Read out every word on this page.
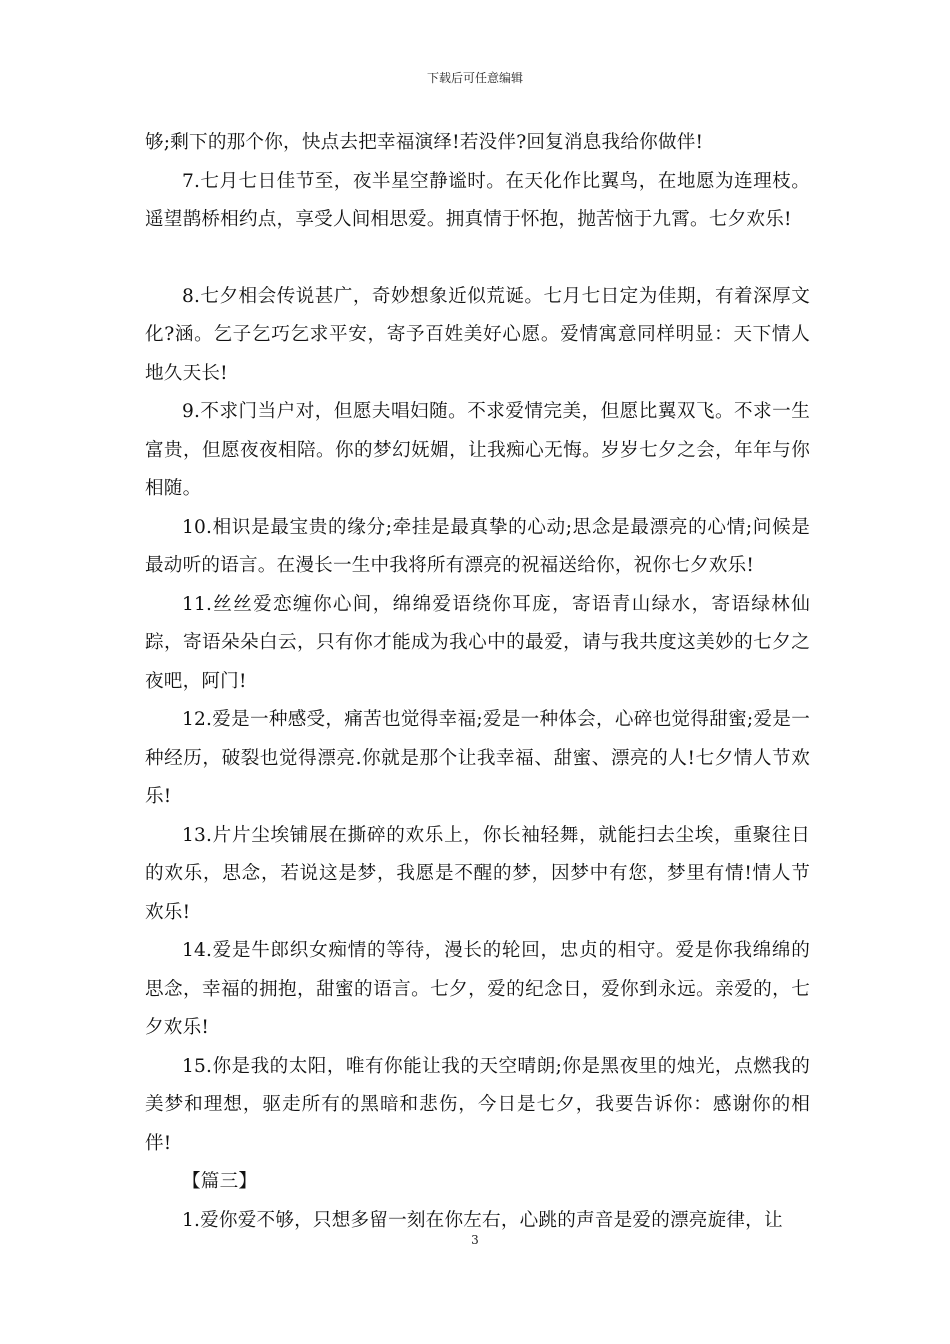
下载后可任意编辑

够;剩下的那个你，快点去把幸福演绎!若没伴?回复消息我给你做伴!

7.七月七日佳节至，夜半星空静谧时。在天化作比翼鸟，在地愿为连理枝。遥望鹊桥相约点，享受人间相思爱。拥真情于怀抱，抛苦恼于九霄。七夕欢乐!

8.七夕相会传说甚广，奇妙想象近似荒诞。七月七日定为佳期，有着深厚文化?涵。乞子乞巧乞求平安，寄予百姓美好心愿。爱情寓意同样明显：天下情人地久天长!

9.不求门当户对，但愿夫唱妇随。不求爱情完美，但愿比翼双飞。不求一生富贵，但愿夜夜相陪。你的梦幻妩媚，让我痴心无悔。岁岁七夕之会，年年与你相随。

10.相识是最宝贵的缘分;牵挂是最真挚的心动;思念是最漂亮的心情;问候是最动听的语言。在漫长一生中我将所有漂亮的祝福送给你，祝你七夕欢乐!

11.丝丝爱恋缠你心间，绵绵爱语绕你耳庞，寄语青山绿水，寄语绿林仙踪，寄语朵朵白云，只有你才能成为我心中的最爱，请与我共度这美妙的七夕之夜吧，阿门!

12.爱是一种感受，痛苦也觉得幸福;爱是一种体会，心碎也觉得甜蜜;爱是一种经历，破裂也觉得漂亮.你就是那个让我幸福、甜蜜、漂亮的人!七夕情人节欢乐!

13.片片尘埃铺展在撕碎的欢乐上，你长袖轻舞，就能扫去尘埃，重聚往日的欢乐，思念，若说这是梦，我愿是不醒的梦，因梦中有您，梦里有情!情人节欢乐!

14.爱是牛郎织女痴情的等待，漫长的轮回，忠贞的相守。爱是你我绵绵的思念，幸福的拥抱，甜蜜的语言。七夕，爱的纪念日，爱你到永远。亲爱的，七夕欢乐!

15.你是我的太阳，唯有你能让我的天空晴朗;你是黑夜里的烛光，点燃我的美梦和理想，驱走所有的黑暗和悲伤，今日是七夕，我要告诉你：感谢你的相伴!

【篇三】

1.爱你爱不够，只想多留一刻在你左右，心跳的声音是爱的漂亮旋律，让

3
